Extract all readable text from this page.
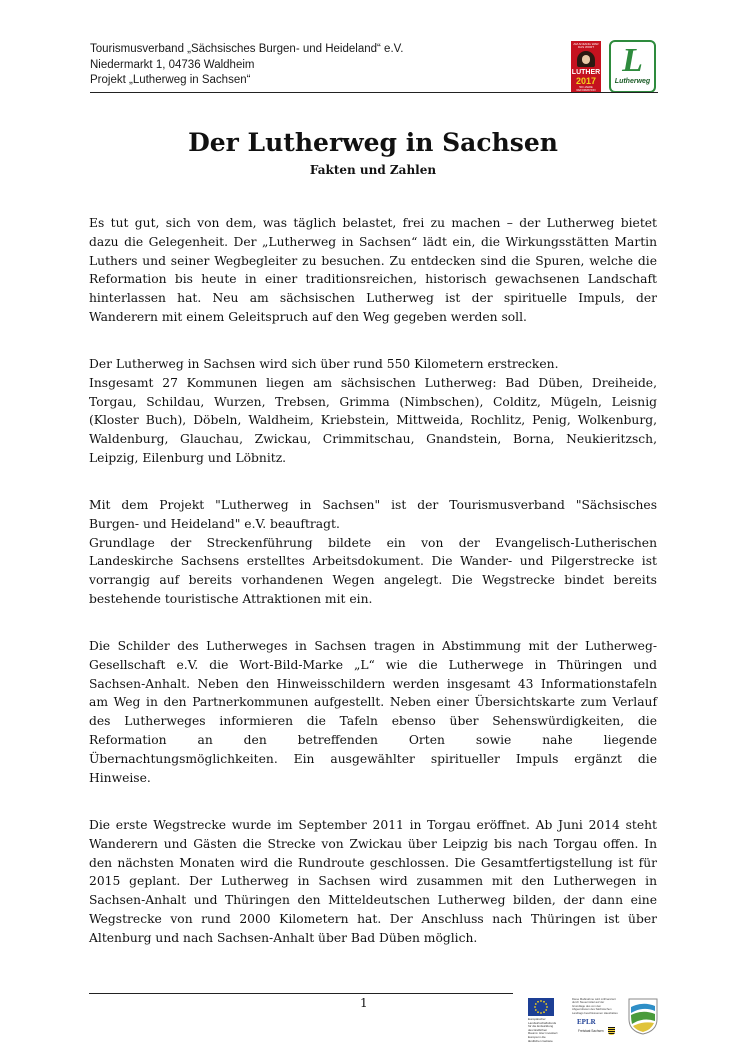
Tourismusverband „Sächsisches Burgen- und Heideland“ e.V.
Niedermarkt 1, 04736 Waldheim
Projekt „Lutherweg in Sachsen“
AM ANFANG WAR DAS WORT
LUTHER
2017
500 JAHRE REFORMATION
L
Lutherweg
Der Lutherweg in Sachsen
Fakten und Zahlen
Es tut gut, sich von dem, was täglich belastet, frei zu machen – der Lutherweg bietet
dazu die Gelegenheit. Der „Lutherweg in Sachsen“ lädt ein, die Wirkungsstätten Martin
Luthers und seiner Wegbegleiter zu besuchen. Zu entdecken sind die Spuren, welche die
Reformation bis heute in einer traditionsreichen, historisch gewachsenen Landschaft
hinterlassen hat. Neu am sächsischen Lutherweg ist der spirituelle Impuls, der
Wanderern mit einem Geleitspruch auf den Weg gegeben werden soll.
Der Lutherweg in Sachsen wird sich über rund 550 Kilometern erstrecken.
Insgesamt 27 Kommunen liegen am sächsischen Lutherweg: Bad Düben, Dreiheide,
Torgau, Schildau, Wurzen, Trebsen, Grimma (Nimbschen), Colditz, Mügeln, Leisnig
(Kloster Buch), Döbeln, Waldheim, Kriebstein, Mittweida, Rochlitz, Penig, Wolkenburg,
Waldenburg, Glauchau, Zwickau, Crimmitschau, Gnandstein, Borna, Neukieritzsch,
Leipzig, Eilenburg und Löbnitz.
Mit dem Projekt "Lutherweg in Sachsen" ist der Tourismusverband "Sächsisches
Burgen- und Heideland" e.V. beauftragt.
Grundlage der Streckenführung bildete ein von der Evangelisch-Lutherischen
Landeskirche Sachsens erstelltes Arbeitsdokument. Die Wander- und Pilgerstrecke ist
vorrangig auf bereits vorhandenen Wegen angelegt. Die Wegstrecke bindet bereits
bestehende touristische Attraktionen mit ein.
Die Schilder des Lutherweges in Sachsen tragen in Abstimmung mit der Lutherweg-
Gesellschaft e.V. die Wort-Bild-Marke „L“ wie die Lutherwege in Thüringen und
Sachsen-Anhalt. Neben den Hinweisschildern werden insgesamt 43 Informationstafeln
am Weg in den Partnerkommunen aufgestellt. Neben einer Übersichtskarte zum Verlauf
des Lutherweges informieren die Tafeln ebenso über Sehenswürdigkeiten, die
Reformation an den betreffenden Orten sowie nahe liegende
Übernachtungsmöglichkeiten. Ein ausgewählter spiritueller Impuls ergänzt die
Hinweise.
Die erste Wegstrecke wurde im September 2011 in Torgau eröffnet. Ab Juni 2014 steht
Wanderern und Gästen die Strecke von Zwickau über Leipzig bis nach Torgau offen. In
den nächsten Monaten wird die Rundroute geschlossen. Die Gesamtfertigstellung ist für
2015 geplant. Der Lutherweg in Sachsen wird zusammen mit den Lutherwegen in
Sachsen-Anhalt und Thüringen den Mitteldeutschen Lutherweg bilden, der dann eine
Wegstrecke von rund 2000 Kilometern hat. Der Anschluss nach Thüringen ist über
Altenburg und nach Sachsen-Anhalt über Bad Düben möglich.
1
Europäischer Landwirtschaftsfonds für die Entwicklung des ländlichen Raums: Hier investiert Europa in die ländlichen Gebiete
Diese Maßnahme wird mitfinanziert durch Steuermittel auf der Grundlage des von den Abgeordneten des Sächsischen Landtags beschlossenen Haushaltes
EPLR
Freistaat Sachsen
